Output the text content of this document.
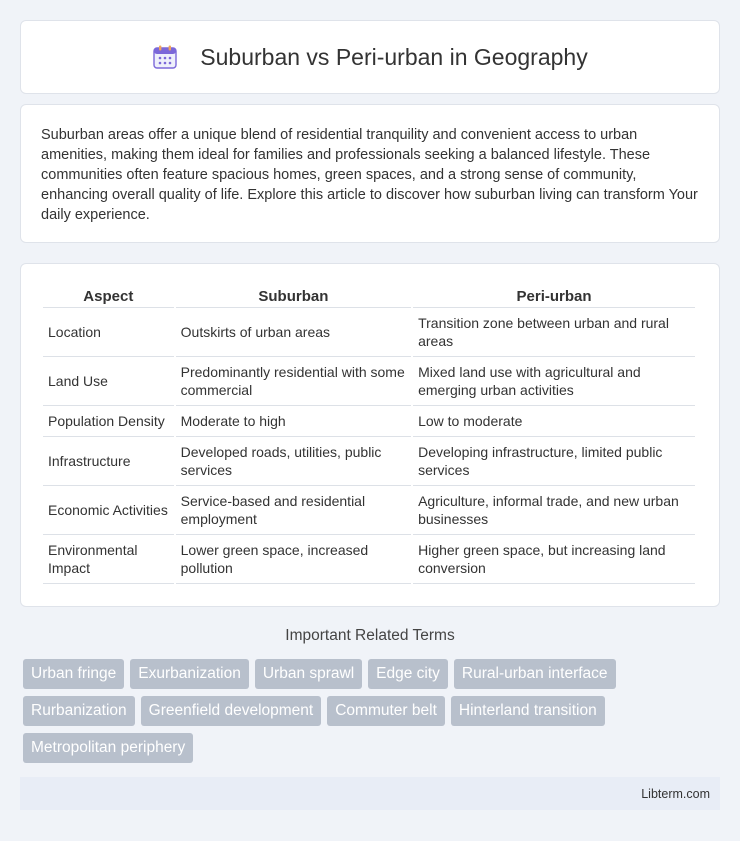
Suburban vs Peri-urban in Geography

Suburban areas offer a unique blend of residential tranquility and convenient access to urban amenities, making them ideal for families and professionals seeking a balanced lifestyle. These communities often feature spacious homes, green spaces, and a strong sense of community, enhancing overall quality of life. Explore this article to discover how suburban living can transform Your daily experience.

Aspect	Suburban	Peri-urban
Location	Outskirts of urban areas	Transition zone between urban and rural areas
Land Use	Predominantly residential with some commercial	Mixed land use with agricultural and emerging urban activities
Population Density	Moderate to high	Low to moderate
Infrastructure	Developed roads, utilities, public services	Developing infrastructure, limited public services
Economic Activities	Service-based and residential employment	Agriculture, informal trade, and new urban businesses
Environmental Impact	Lower green space, increased pollution	Higher green space, but increasing land conversion
Important Related Terms
Urban fringe	Exurbanization	Urban sprawl	Edge city	Rural-urban interface
Rurbanization	Greenfield development	Commuter belt	Hinterland transition
Metropolitan periphery
Libterm.com
